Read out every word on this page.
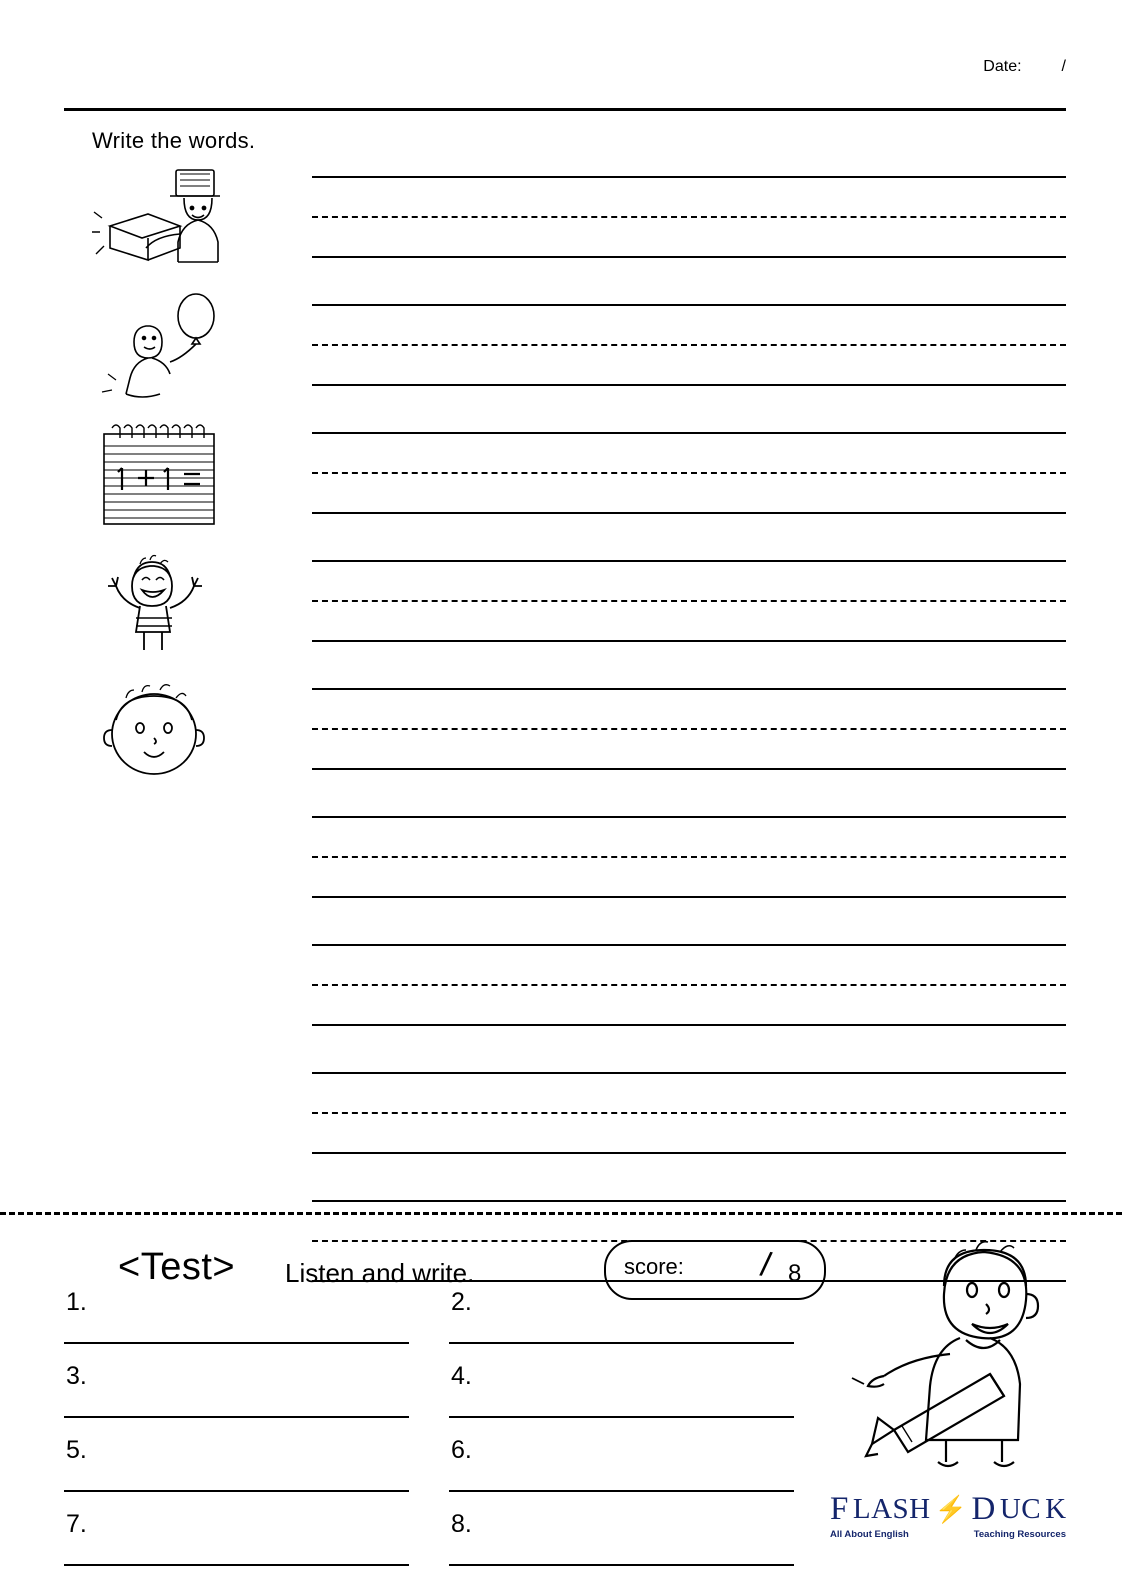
Date:	/
Write the words.
<Test> Listen and write.	score: / 8
1.	2.
3.	4.
5.	6.
7.	8.	F LASH ⚡ D UC K
All About English	Teaching Resources
